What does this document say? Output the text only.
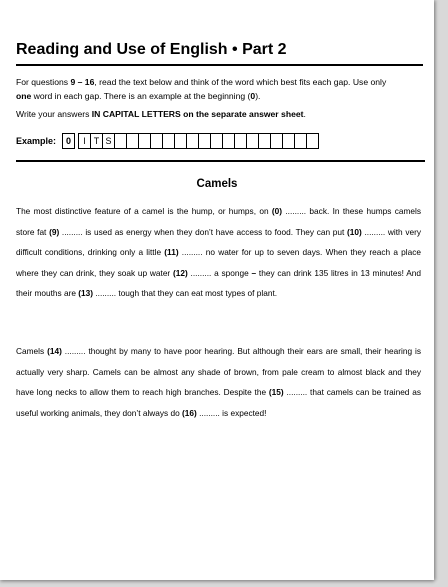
Reading and Use of English • Part 2
For questions 9 – 16, read the text below and think of the word which best fits each gap. Use only
one word in each gap. There is an example at the beginning (0).
Write your answers IN CAPITAL LETTERS on the separate answer sheet.
Example:	0	I T S
Camels
The most distinctive feature of a camel is the hump, or humps, on (0) ......... back. In these humps camels store fat (9) ......... is used as energy when they don’t have access to food. They can put (10) ......... with very difficult conditions, drinking only a little (11) ......... no water for up to seven days. When they reach a place where they can drink, they soak up water (12) ......... a sponge – they can drink 135 litres in 13 minutes! And their mouths are (13) ......... tough that they can eat most types of plant.
Camels (14) ......... thought by many to have poor hearing. But although their ears are small, their hearing is actually very sharp. Camels can be almost any shade of brown, from pale cream to almost black and they have long necks to allow them to reach high branches. Despite the (15) ......... that camels can be trained as useful working animals, they don’t always do (16) ......... is expected!
